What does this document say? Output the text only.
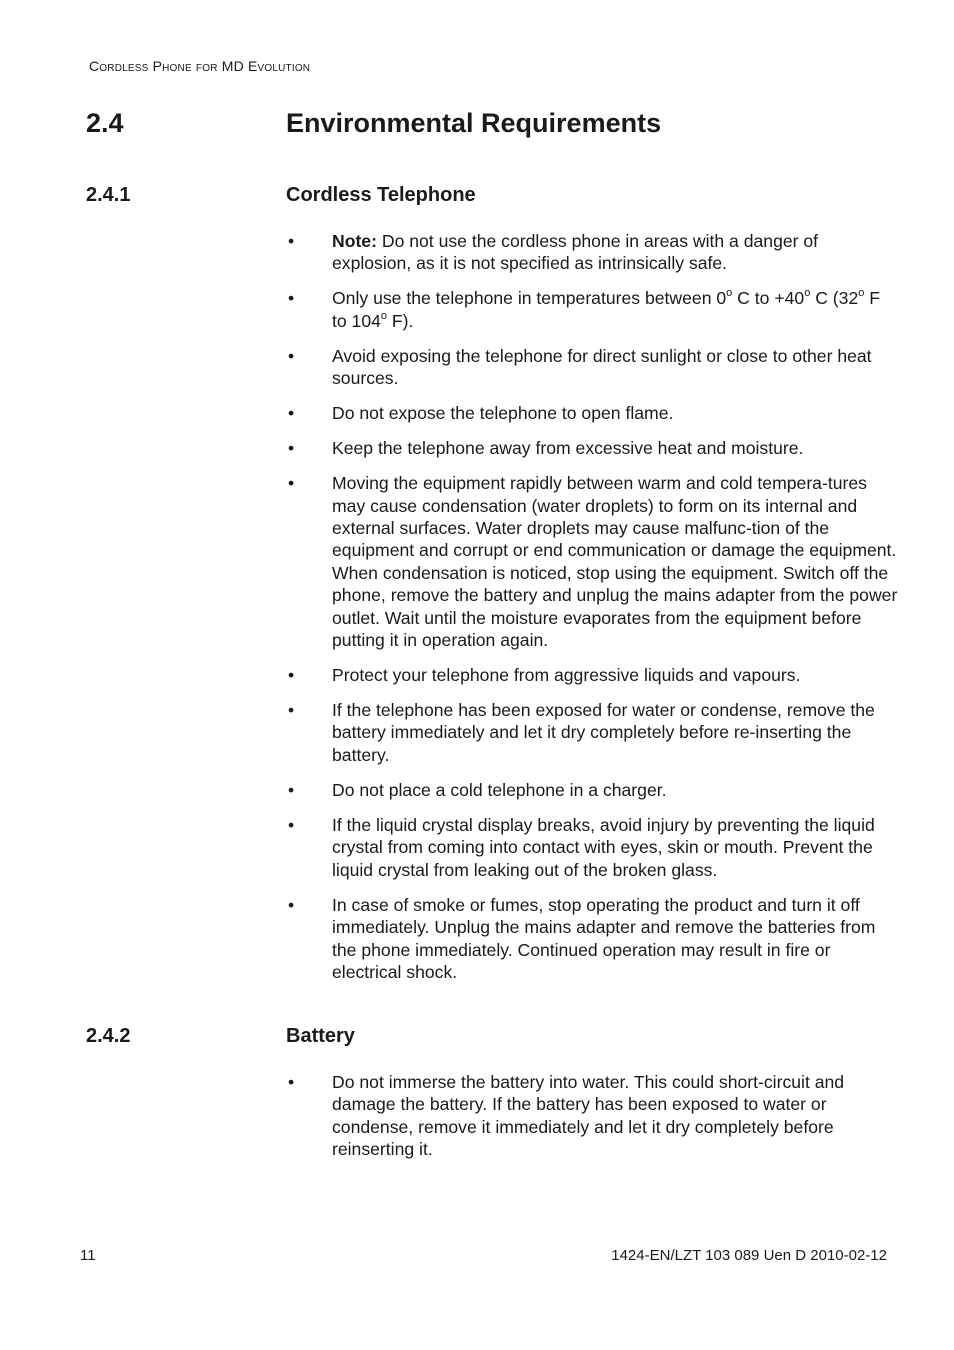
Cordless Phone for MD Evolution
2.4	Environmental Requirements
2.4.1	Cordless Telephone
• Note: Do not use the cordless phone in areas with a danger of explosion, as it is not specified as intrinsically safe.
• Only use the telephone in temperatures between 0$^o$ C to $+40^o$ C (32$^o$ F to 104$^o$ F).
• Avoid exposing the telephone for direct sunlight or close to other heat sources.
• Do not expose the telephone to open flame.
• Keep the telephone away from excessive heat and moisture.
• Moving the equipment rapidly between warm and cold tempera-tures may cause condensation (water droplets) to form on its internal and external surfaces. Water droplets may cause malfunc-tion of the equipment and corrupt or end communication or damage the equipment. When condensation is noticed, stop using the equipment. Switch off the phone, remove the battery and unplug the mains adapter from the power outlet. Wait until the moisture evaporates from the equipment before putting it in operation again.
• Protect your telephone from aggressive liquids and vapours.
• If the telephone has been exposed for water or condense, remove the battery immediately and let it dry completely before re-inserting the battery.
• Do not place a cold telephone in a charger.
• If the liquid crystal display breaks, avoid injury by preventing the liquid crystal from coming into contact with eyes, skin or mouth. Prevent the liquid crystal from leaking out of the broken glass.
• In case of smoke or fumes, stop operating the product and turn it off immediately. Unplug the mains adapter and remove the batteries from the phone immediately. Continued operation may result in fire or electrical shock.
2.4.2	Battery
• Do not immerse the battery into water. This could short-circuit and damage the battery. If the battery has been exposed to water or condense, remove it immediately and let it dry completely before reinserting it.
11	1424-EN/LZT 103 089 Uen D 2010-02-12
